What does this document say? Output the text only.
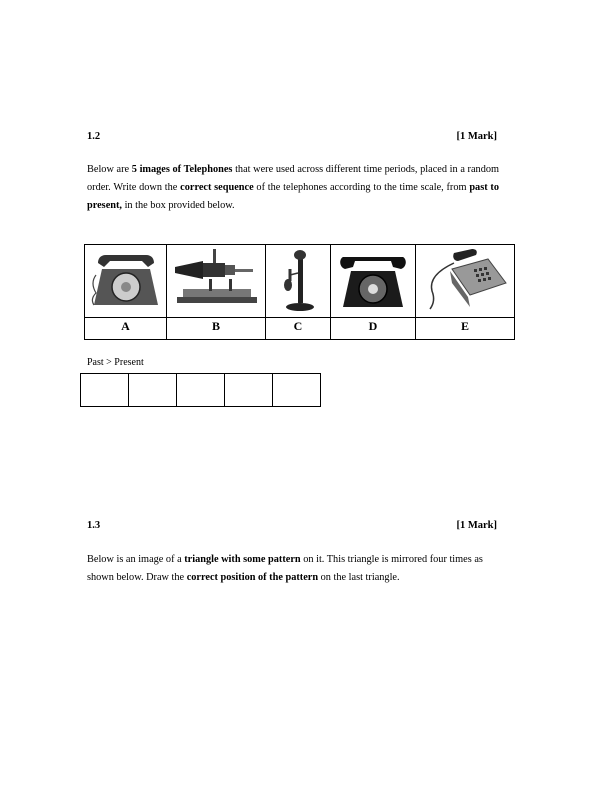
1.2	[1 Mark]
Below are 5 images of Telephones that were used across different time periods, placed in a random order. Write down the correct sequence of the telephones according to the time scale, from past to present, in the box provided below.
A	B	C	D	E
Past > Present
1.3	[1 Mark]
Below is an image of a triangle with some pattern on it. This triangle is mirrored four times as shown below. Draw the correct position of the pattern on the last triangle.
